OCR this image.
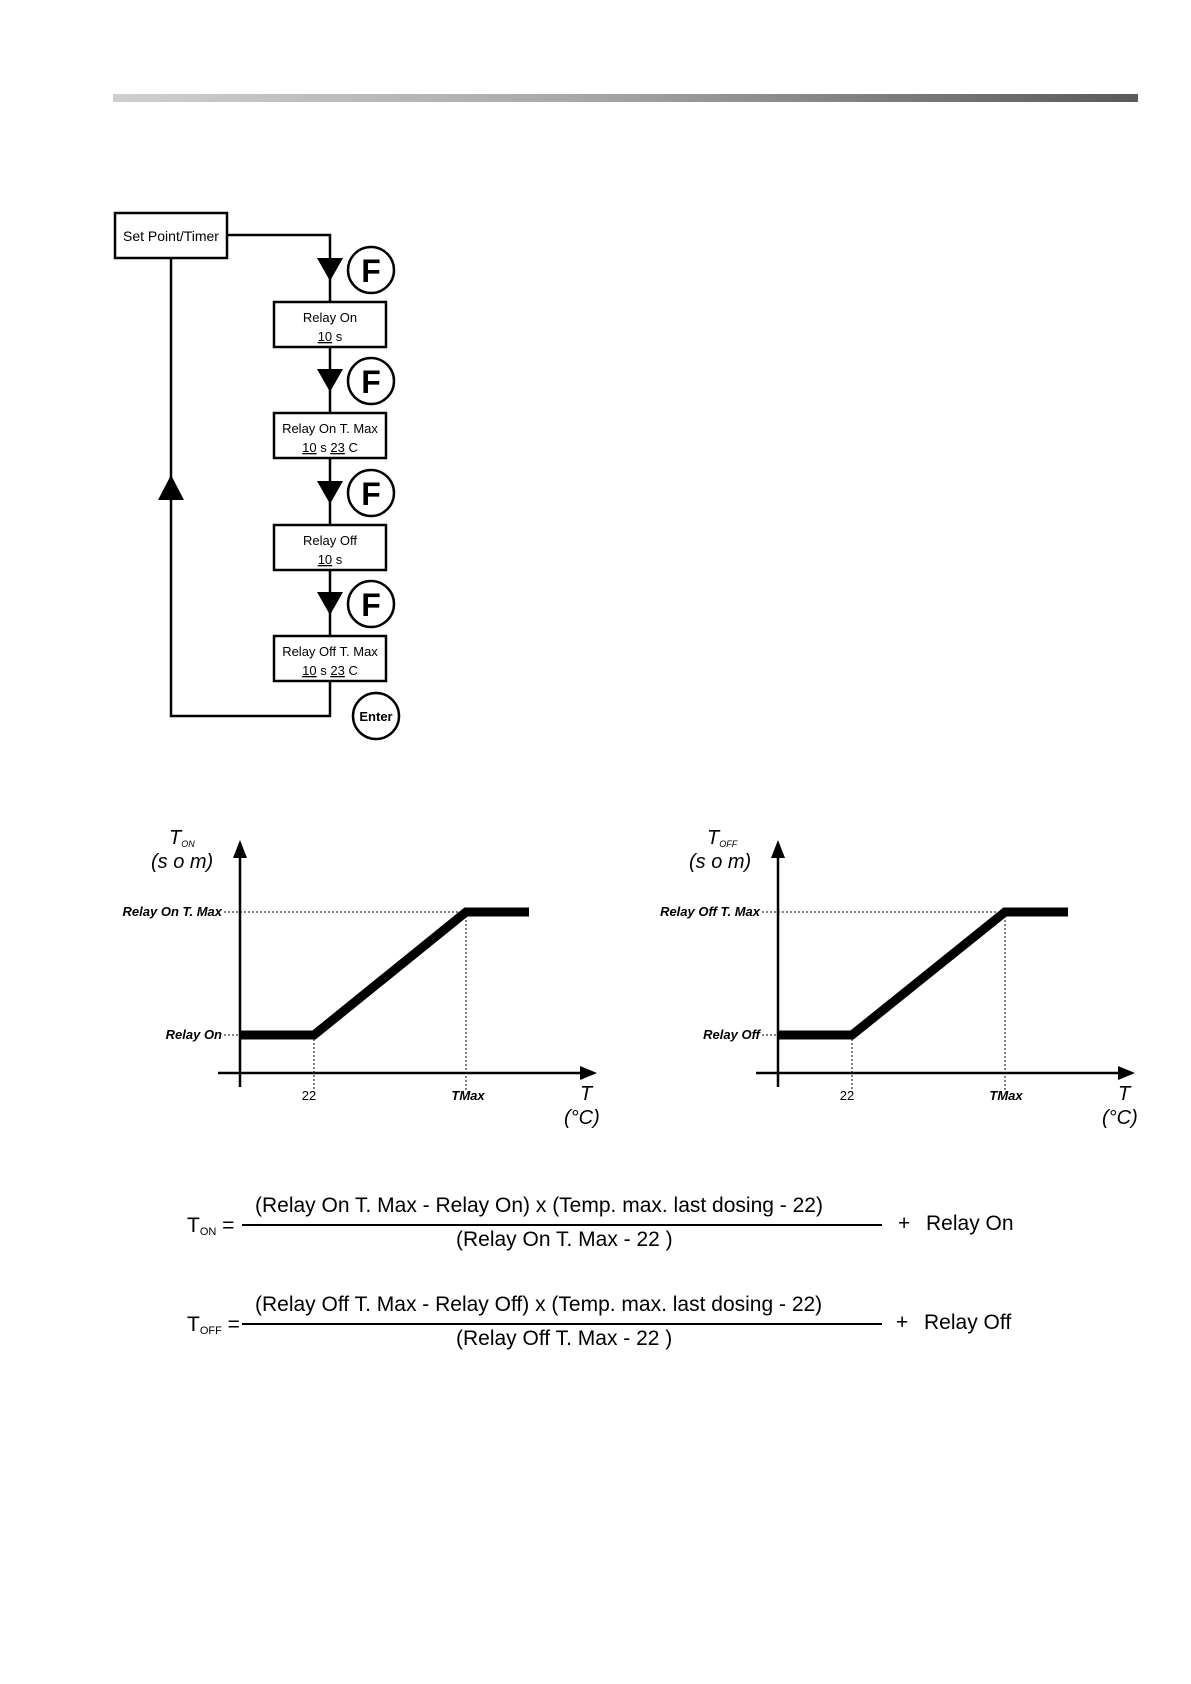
Set Point/Timer
Relay On
10 s
Relay On T. Max
10 s 23 C
Relay Off
10 s
Relay Off T. Max
10 s 23 C
F
F
F
F
Enter
Relay On T. Max
Relay On
22	TMax
TON
(s o m)
T
(°C)
Relay Off T. Max
Relay Off
22	TMax
TOFF
(s o m)
T
(°C)
$T_{ON}$ =
(Relay On T. Max - Relay On) x (Temp. max. last dosing - 22)
(Relay On T. Max - 22 )
+ Relay On
$T_{OFF}$ =
(Relay Off T. Max - Relay Off) x (Temp. max. last dosing - 22)
(Relay Off T. Max - 22 )
+ Relay Off
